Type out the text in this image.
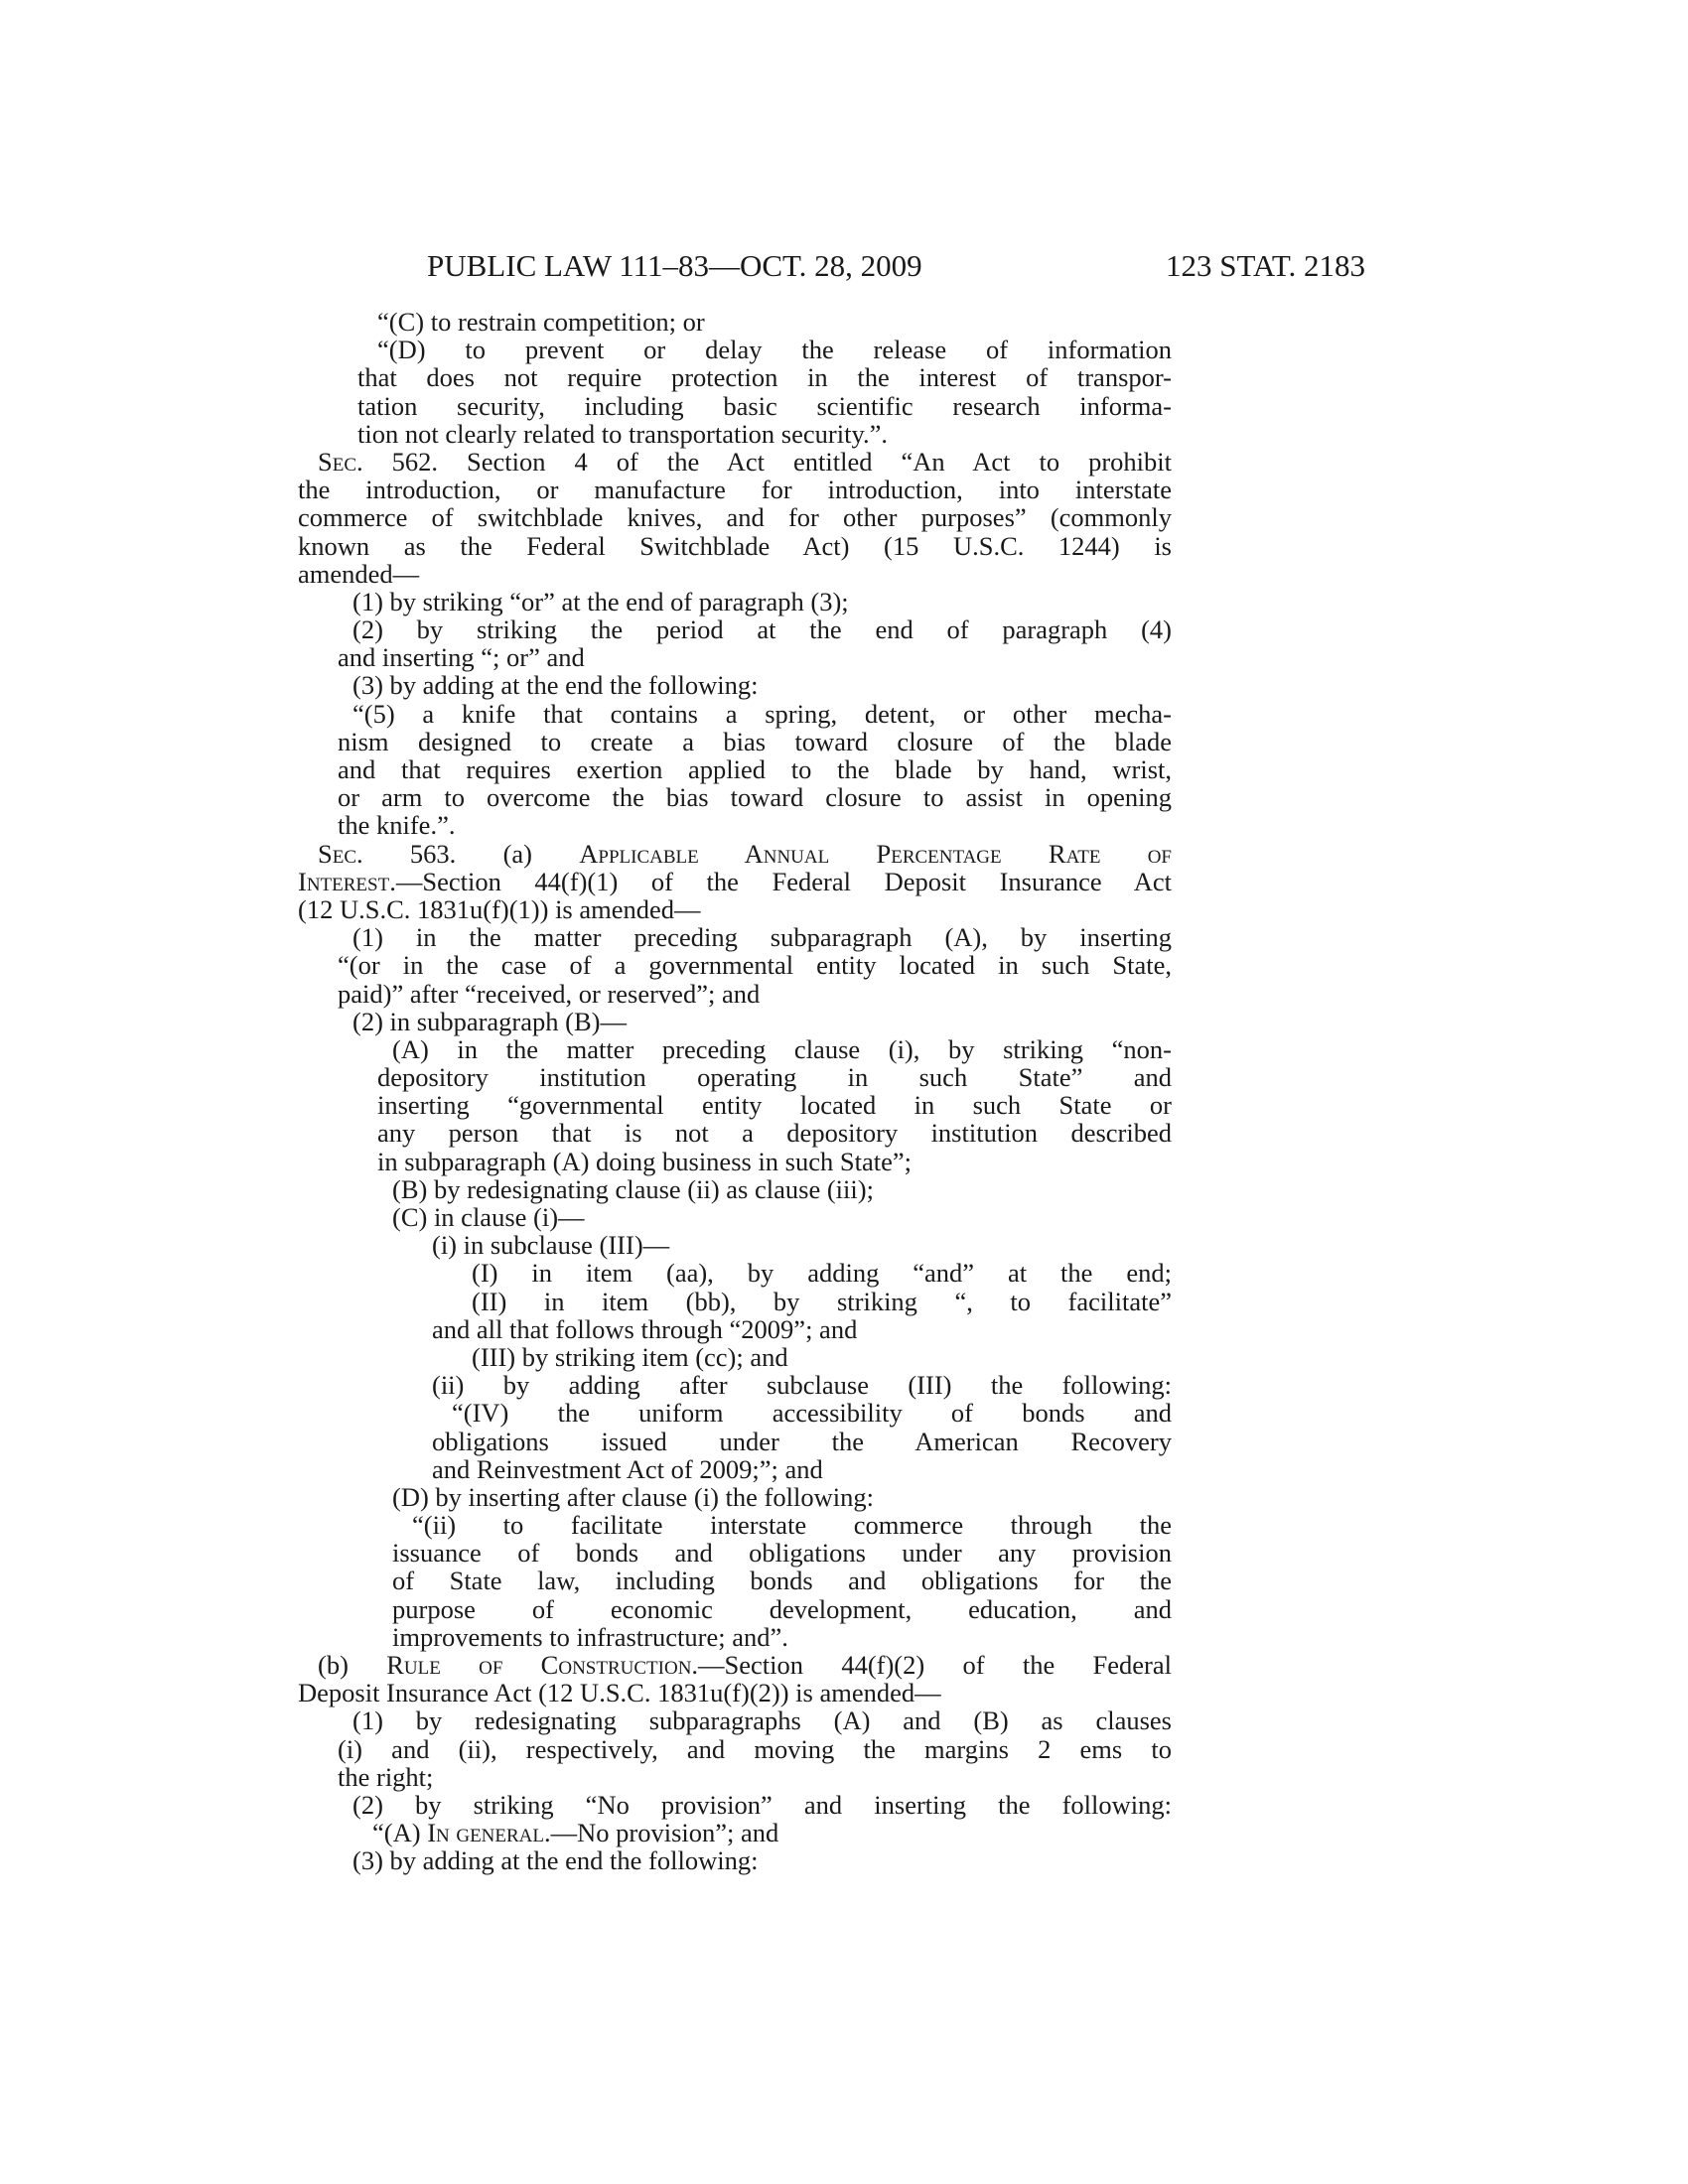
PUBLIC LAW 111–83—OCT. 28, 2009	123 STAT. 2183
“(C) to restrain competition; or
“(D) to prevent or delay the release of information
that does not require protection in the interest of transpor-
tation security, including basic scientific research informa-
tion not clearly related to transportation security.”.
Sec. 562. Section 4 of the Act entitled “An Act to prohibit
the introduction, or manufacture for introduction, into interstate
commerce of switchblade knives, and for other purposes” (commonly
known as the Federal Switchblade Act) (15 U.S.C. 1244) is
amended—
(1) by striking “or” at the end of paragraph (3);
(2) by striking the period at the end of paragraph (4)
and inserting “; or” and
(3) by adding at the end the following:
“(5) a knife that contains a spring, detent, or other mecha-
nism designed to create a bias toward closure of the blade
and that requires exertion applied to the blade by hand, wrist,
or arm to overcome the bias toward closure to assist in opening
the knife.”.
Sec. 563. (a) Applicable Annual Percentage Rate of
Interest.—Section 44(f)(1) of the Federal Deposit Insurance Act
(12 U.S.C. 1831u(f)(1)) is amended—
(1) in the matter preceding subparagraph (A), by inserting
“(or in the case of a governmental entity located in such State,
paid)” after “received, or reserved”; and
(2) in subparagraph (B)—
(A) in the matter preceding clause (i), by striking “non-
depository institution operating in such State” and
inserting “governmental entity located in such State or
any person that is not a depository institution described
in subparagraph (A) doing business in such State”;
(B) by redesignating clause (ii) as clause (iii);
(C) in clause (i)—
(i) in subclause (III)—
(I) in item (aa), by adding “and” at the end;
(II) in item (bb), by striking “, to facilitate”
and all that follows through “2009”; and
(III) by striking item (cc); and
(ii) by adding after subclause (III) the following:
“(IV) the uniform accessibility of bonds and
obligations issued under the American Recovery
and Reinvestment Act of 2009;”; and
(D) by inserting after clause (i) the following:
“(ii) to facilitate interstate commerce through the
issuance of bonds and obligations under any provision
of State law, including bonds and obligations for the
purpose of economic development, education, and
improvements to infrastructure; and”.
(b) Rule of Construction.—Section 44(f)(2) of the Federal
Deposit Insurance Act (12 U.S.C. 1831u(f)(2)) is amended—
(1) by redesignating subparagraphs (A) and (B) as clauses
(i) and (ii), respectively, and moving the margins 2 ems to
the right;
(2) by striking “No provision” and inserting the following:
“(A) In general.—No provision”; and
(3) by adding at the end the following:
